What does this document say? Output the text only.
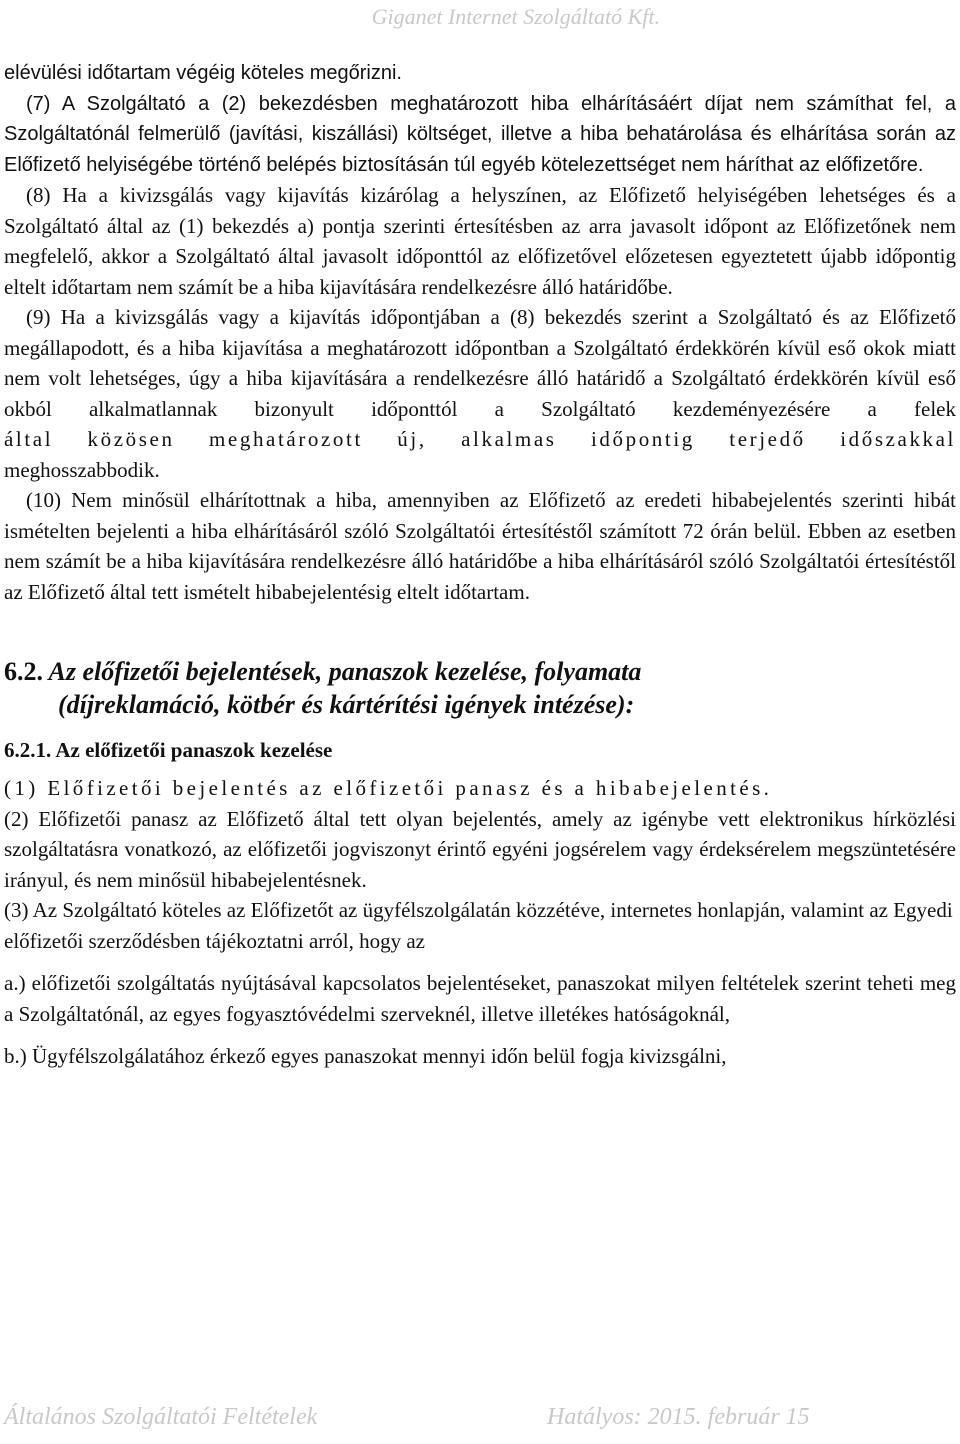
Giganet Internet Szolgáltató Kft.

elévülési időtartam végéig köteles megőrizni.

(7) A Szolgáltató a (2) bekezdésben meghatározott hiba elhárításáért díjat nem számíthat fel, a Szolgáltatónál felmerülő (javítási, kiszállási) költséget, illetve a hiba behatárolása és elhárítása során az Előfizető helyiségébe történő belépés biztosításán túl egyéb kötelezettséget nem háríthat az előfizetőre.

(8) Ha a kivizsgálás vagy kijavítás kizárólag a helyszínen, az Előfizető helyiségében lehetséges és a Szolgáltató által az (1) bekezdés a) pontja szerinti értesítésben az arra javasolt időpont az Előfizetőnek nem megfelelő, akkor a Szolgáltató által javasolt időponttól az előfizetővel előzetesen egyeztetett újabb időpontig eltelt időtartam nem számít be a hiba kijavítására rendelkezésre álló határidőbe.

(9) Ha a kivizsgálás vagy a kijavítás időpontjában a (8) bekezdés szerint a Szolgáltató és az Előfizető megállapodott, és a hiba kijavítása a meghatározott időpontban a Szolgáltató érdekkörén kívül eső okok miatt nem volt lehetséges, úgy a hiba kijavítására a rendelkezésre álló határidő a Szolgáltató érdekkörén kívül eső okból alkalmatlannak bizonyult időponttól a Szolgáltató kezdeményezésére a felek

által közösen meghatározott új, alkalmas időpontig terjedő időszakkal

meghosszabbodik.

(10) Nem minősül elhárítottnak a hiba, amennyiben az Előfizető az eredeti hibabejelentés szerinti hibát ismételten bejelenti a hiba elhárításáról szóló Szolgáltatói értesítéstől számított 72 órán belül. Ebben az esetben nem számít be a hiba kijavítására rendelkezésre álló határidőbe a hiba elhárításáról szóló Szolgáltatói értesítéstől az Előfizető által tett ismételt hibabejelentésig eltelt időtartam.

6.2. Az előfizetői bejelentések, panaszok kezelése, folyamata
(díjreklamáció, kötbér és kártérítési igények intézése):
6.2.1. Az előfizetői panaszok kezelése

(1) Előfizetői bejelentés az előfizetői panasz és a hibabejelentés.

(2) Előfizetői panasz az Előfizető által tett olyan bejelentés, amely az igénybe vett elektronikus hírközlési szolgáltatásra vonatkozó, az előfizetői jogviszonyt érintő egyéni jogsérelem vagy érdeksérelem megszüntetésére irányul, és nem minősül hibabejelentésnek.

(3) Az Szolgáltató köteles az Előfizetőt az ügyfélszolgálatán közzétéve, internetes honlapján, valamint az Egyedi előfizetői szerződésben tájékoztatni arról, hogy az

a.) előfizetői szolgáltatás nyújtásával kapcsolatos bejelentéseket, panaszokat milyen feltételek szerint teheti meg a Szolgáltatónál, az egyes fogyasztóvédelmi szerveknél, illetve illetékes hatóságoknál,

b.) Ügyfélszolgálatához érkező egyes panaszokat mennyi időn belül fogja kivizsgálni,

Általános Szolgáltatói Feltételek	Hatályos: 2015. február 15
